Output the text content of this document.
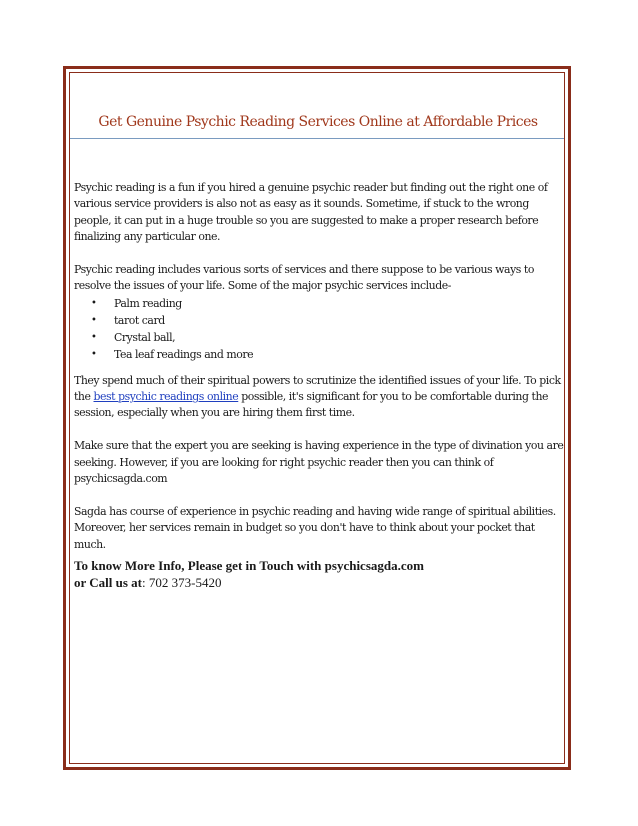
Get Genuine Psychic Reading Services Online at Affordable Prices

Psychic reading is a fun if you hired a genuine psychic reader but finding out the right one of various service providers is also not as easy as it sounds. Sometime, if stuck to the wrong people, it can put in a huge trouble so you are suggested to make a proper research before finalizing any particular one.

Psychic reading includes various sorts of services and there suppose to be various ways to resolve the issues of your life. Some of the major psychic services include-

• Palm reading
• tarot card
• Crystal ball,
• Tea leaf readings and more

They spend much of their spiritual powers to scrutinize the identified issues of your life. To pick the best psychic readings online possible, it's significant for you to be comfortable during the session, especially when you are hiring them first time.

Make sure that the expert you are seeking is having experience in the type of divination you are seeking. However, if you are looking for right psychic reader then you can think of psychicsagda.com

Sagda has course of experience in psychic reading and having wide range of spiritual abilities. Moreover, her services remain in budget so you don't have to think about your pocket that much.

To know More Info, Please get in Touch with psychicsagda.com
or Call us at: 702 373-5420
